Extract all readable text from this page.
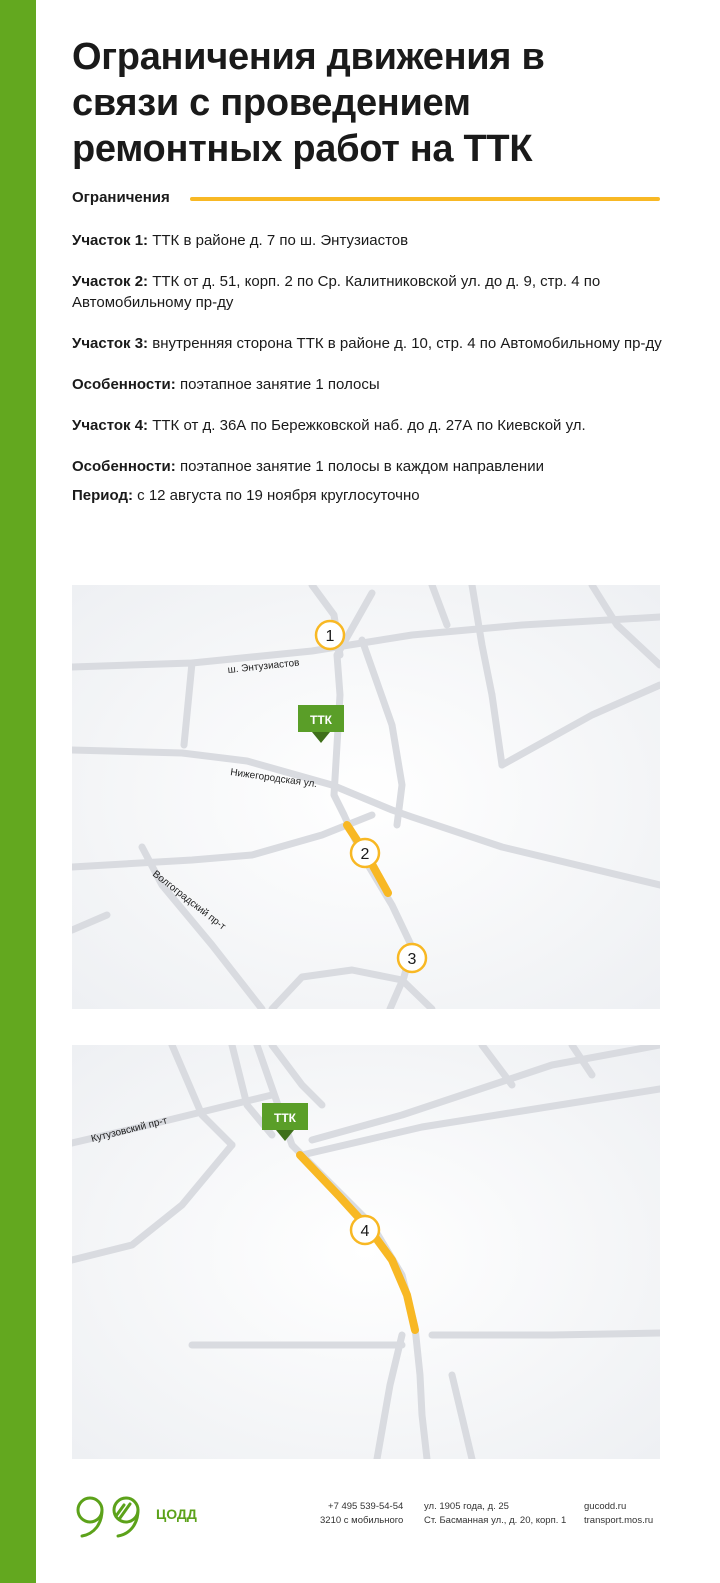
Ограничения движения в
связи с проведением
ремонтных работ на ТТК
Ограничения

Участок 1: ТТК в районе д. 7 по ш. Энтузиастов

Участок 2: ТТК от д. 51, корп. 2 по Ср. Калитниковской ул. до д. 9, стр. 4 по Автомобильному пр-ду

Участок 3: внутренняя сторона ТТК в районе д. 10, стр. 4 по Автомобильному пр-ду

Особенности: поэтапное занятие 1 полосы

Участок 4: ТТК от д. 36А по Бережковской наб. до д. 27А по Киевской ул.

Особенности: поэтапное занятие 1 полосы в каждом направлении

Период: с 12 августа по 19 ноября круглосуточно

1
2
3
ТТК
ш. Энтузиастов
Нижегородская ул.
Волгоградский пр-т
4
ТТК
Кутузовский пр-т
ЦОДД	+7 495 539-54-54
3210 с мобильного
ул. 1905 года, д. 25
Ст. Басманная ул., д. 20, корп. 1
gucodd.ru
transport.mos.ru
